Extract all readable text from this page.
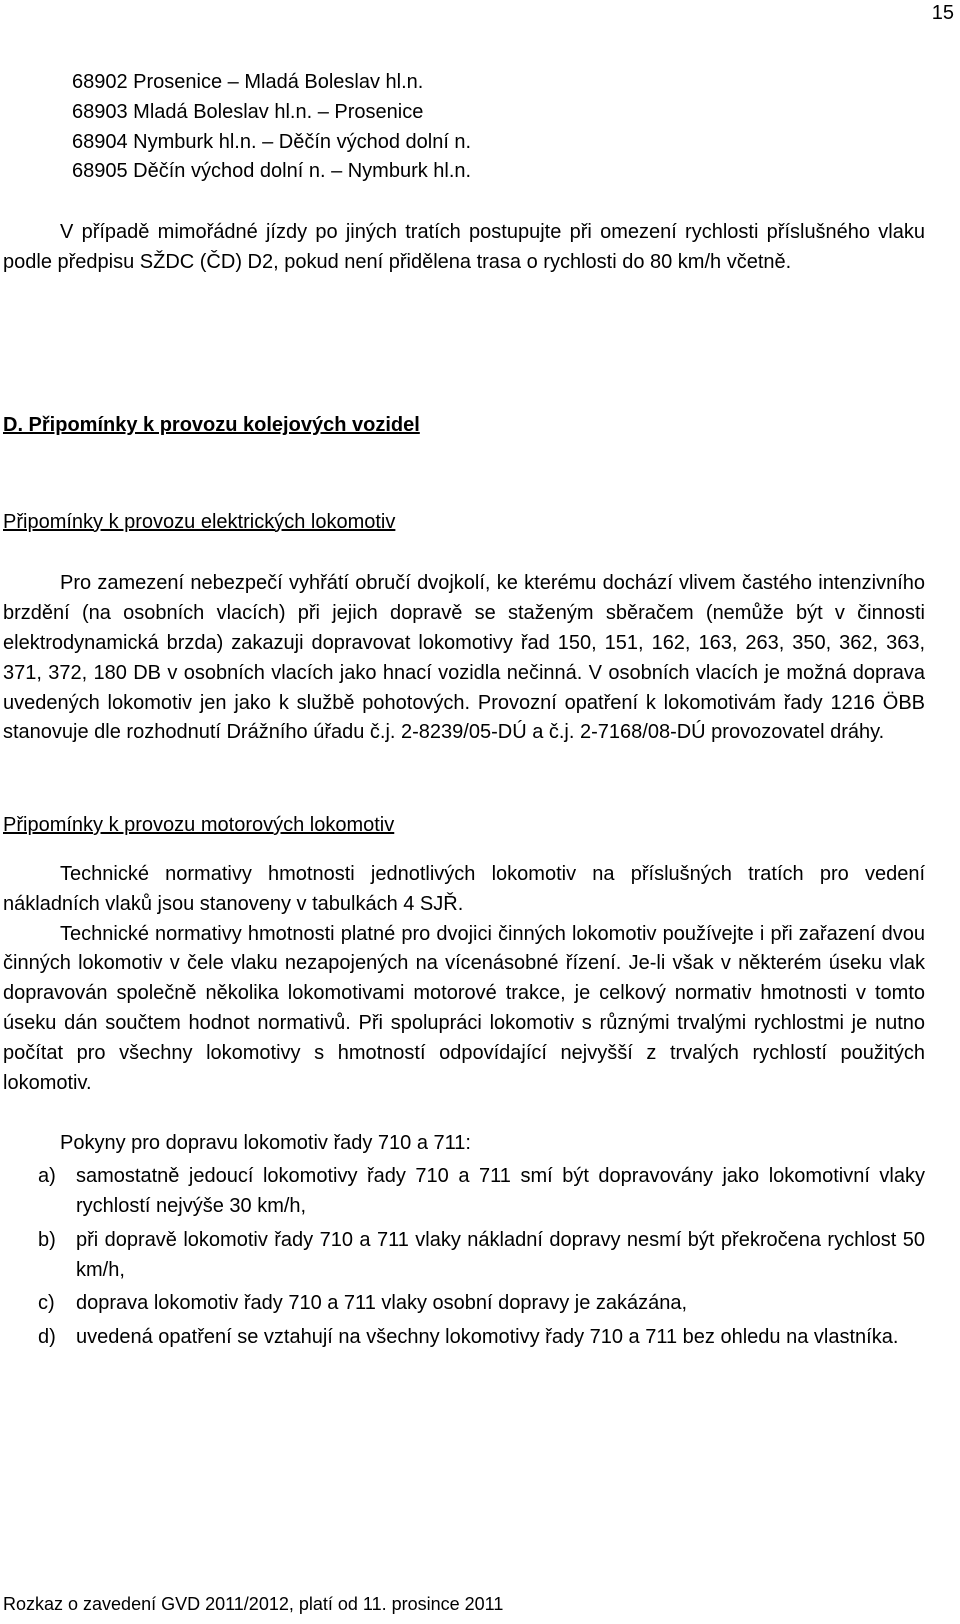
15
68902 Prosenice – Mladá Boleslav hl.n.
68903 Mladá Boleslav hl.n. – Prosenice
68904 Nymburk hl.n. – Děčín východ dolní n.
68905 Děčín východ dolní n. – Nymburk hl.n.

V případě mimořádné jízdy po jiných tratích postupujte při omezení rychlosti příslušného vlaku podle předpisu SŽDC (ČD) D2, pokud není přidělena trasa o rychlosti do 80 km/h včetně.

D. Připomínky k provozu kolejových vozidel

Připomínky k provozu elektrických lokomotiv

Pro zamezení nebezpečí vyhřátí obručí dvojkolí, ke kterému dochází vlivem častého intenzivního brzdění (na osobních vlacích) při jejich dopravě se staženým sběračem (nemůže být v činnosti elektrodynamická brzda) zakazuji dopravovat lokomotivy řad 150, 151, 162, 163, 263, 350, 362, 363, 371, 372, 180 DB v osobních vlacích jako hnací vozidla nečinná. V osobních vlacích je možná doprava uvedených lokomotiv jen jako k službě pohotových. Provozní opatření k lokomotivám řady 1216 ÖBB stanovuje dle rozhodnutí Drážního úřadu č.j. 2-8239/05-DÚ a č.j. 2-7168/08-DÚ provozovatel dráhy.

Připomínky k provozu motorových lokomotiv

Technické normativy hmotnosti jednotlivých lokomotiv na příslušných tratích pro vedení nákladních vlaků jsou stanoveny v tabulkách 4 SJŘ.

Technické normativy hmotnosti platné pro dvojici činných lokomotiv používejte i při zařazení dvou činných lokomotiv v čele vlaku nezapojených na vícenásobné řízení. Je-li však v některém úseku vlak dopravován společně několika lokomotivami motorové trakce, je celkový normativ hmotnosti v tomto úseku dán součtem hodnot normativů. Při spolupráci lokomotiv s různými trvalými rychlostmi je nutno počítat pro všechny lokomotivy s hmotností odpovídající nejvyšší z trvalých rychlostí použitých lokomotiv.

Pokyny pro dopravu lokomotiv řady 710 a 711:

a) samostatně jedoucí lokomotivy řady 710 a 711 smí být dopravovány jako lokomotivní vlaky rychlostí nejvýše 30 km/h,
b) při dopravě lokomotiv řady 710 a 711 vlaky nákladní dopravy nesmí být překročena rychlost 50 km/h,
c) doprava lokomotiv řady 710 a 711 vlaky osobní dopravy je zakázána,
d) uvedená opatření se vztahují na všechny lokomotivy řady 710 a 711 bez ohledu na vlastníka.
Rozkaz o zavedení GVD 2011/2012, platí od 11. prosince 2011
